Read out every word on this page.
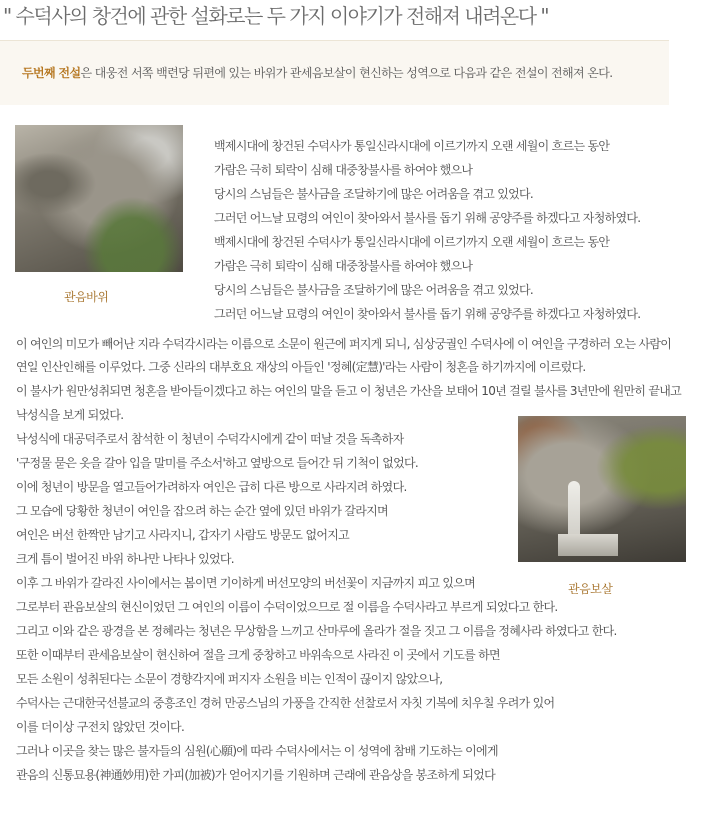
" 수덕사의 창건에 관한 설화로는 두 가지 이야기가 전해져 내려온다 "
두번째 전설은 대웅전 서쪽 백련당 뒤편에 있는 바위가 관세음보살이 현신하는 성역으로 다음과 같은 전설이 전해져 온다.
관음바위
관음보살
백제시대에 창건된 수덕사가 통일신라시대에 이르기까지 오랜 세월이 흐르는 동안
가람은 극히 퇴락이 심해 대중창불사를 하여야 했으나
당시의 스님들은 불사금을 조달하기에 많은 어려움을 겪고 있었다.
그러던 어느날 묘령의 여인이 찾아와서 불사를 돕기 위해 공양주를 하겠다고 자청하였다.
백제시대에 창건된 수덕사가 통일신라시대에 이르기까지 오랜 세월이 흐르는 동안
가람은 극히 퇴락이 심해 대중창불사를 하여야 했으나
당시의 스님들은 불사금을 조달하기에 많은 어려움을 겪고 있었다.
그러던 어느날 묘령의 여인이 찾아와서 불사를 돕기 위해 공양주를 하겠다고 자청하였다.
이 여인의 미모가 빼어난 지라 수덕각시라는 이름으로 소문이 원근에 퍼지게 되니, 심상궁궐인 수덕사에 이 여인을 구경하러 오는 사람이
연일 인산인해를 이루었다. 그중 신라의 대부호요 재상의 아들인 '정혜(定慧)'라는 사람이 청혼을 하기까지에 이르렀다.
이 불사가 원만성취되면 청혼을 받아들이겠다고 하는 여인의 말을 듣고 이 청년은 가산을 보태어 10년 걸릴 불사를 3년만에 원만히 끝내고
낙성식을 보게 되었다.
낙성식에 대공덕주로서 참석한 이 청년이 수덕각시에게 같이 떠날 것을 독촉하자
'구정물 묻은 옷을 갈아 입을 말미를 주소서'하고 옆방으로 들어간 뒤 기척이 없었다.
이에 청년이 방문을 열고들어가려하자 여인은 급히 다른 방으로 사라지려 하였다.
그 모습에 당황한 청년이 여인을 잡으려 하는 순간 옆에 있던 바위가 갈라지며
여인은 버선 한짝만 남기고 사라지니, 갑자기 사람도 방문도 없어지고
크게 틈이 벌어진 바위 하나만 나타나 있었다.
이후 그 바위가 갈라진 사이에서는 봄이면 기이하게 버선모양의 버선꽃이 지금까지 피고 있으며
그로부터 관음보살의 현신이었던 그 여인의 이름이 수덕이었으므로 절 이름을 수덕사라고 부르게 되었다고 한다.
그리고 이와 같은 광경을 본 정혜라는 청년은 무상함을 느끼고 산마루에 올라가 절을 짓고 그 이름을 정혜사라 하였다고 한다.
또한 이때부터 관세음보살이 현신하여 절을 크게 중창하고 바위속으로 사라진 이 곳에서 기도를 하면
모든 소원이 성취된다는 소문이 경향각지에 퍼지자 소원을 비는 인적이 끊이지 않았으나,
수덕사는 근대한국선불교의 중흥조인 경허 만공스님의 가풍을 간직한 선찰로서 자칫 기복에 치우칠 우려가 있어
이를 더이상 구전치 않았던 것이다.
그러나 이곳을 찾는 많은 불자들의 심원(心願)에 따라 수덕사에서는 이 성역에 참배 기도하는 이에게
관음의 신통묘용(神通妙用)한 가피(加被)가 얻어지기를 기원하며 근래에 관음상을 봉조하게 되었다
